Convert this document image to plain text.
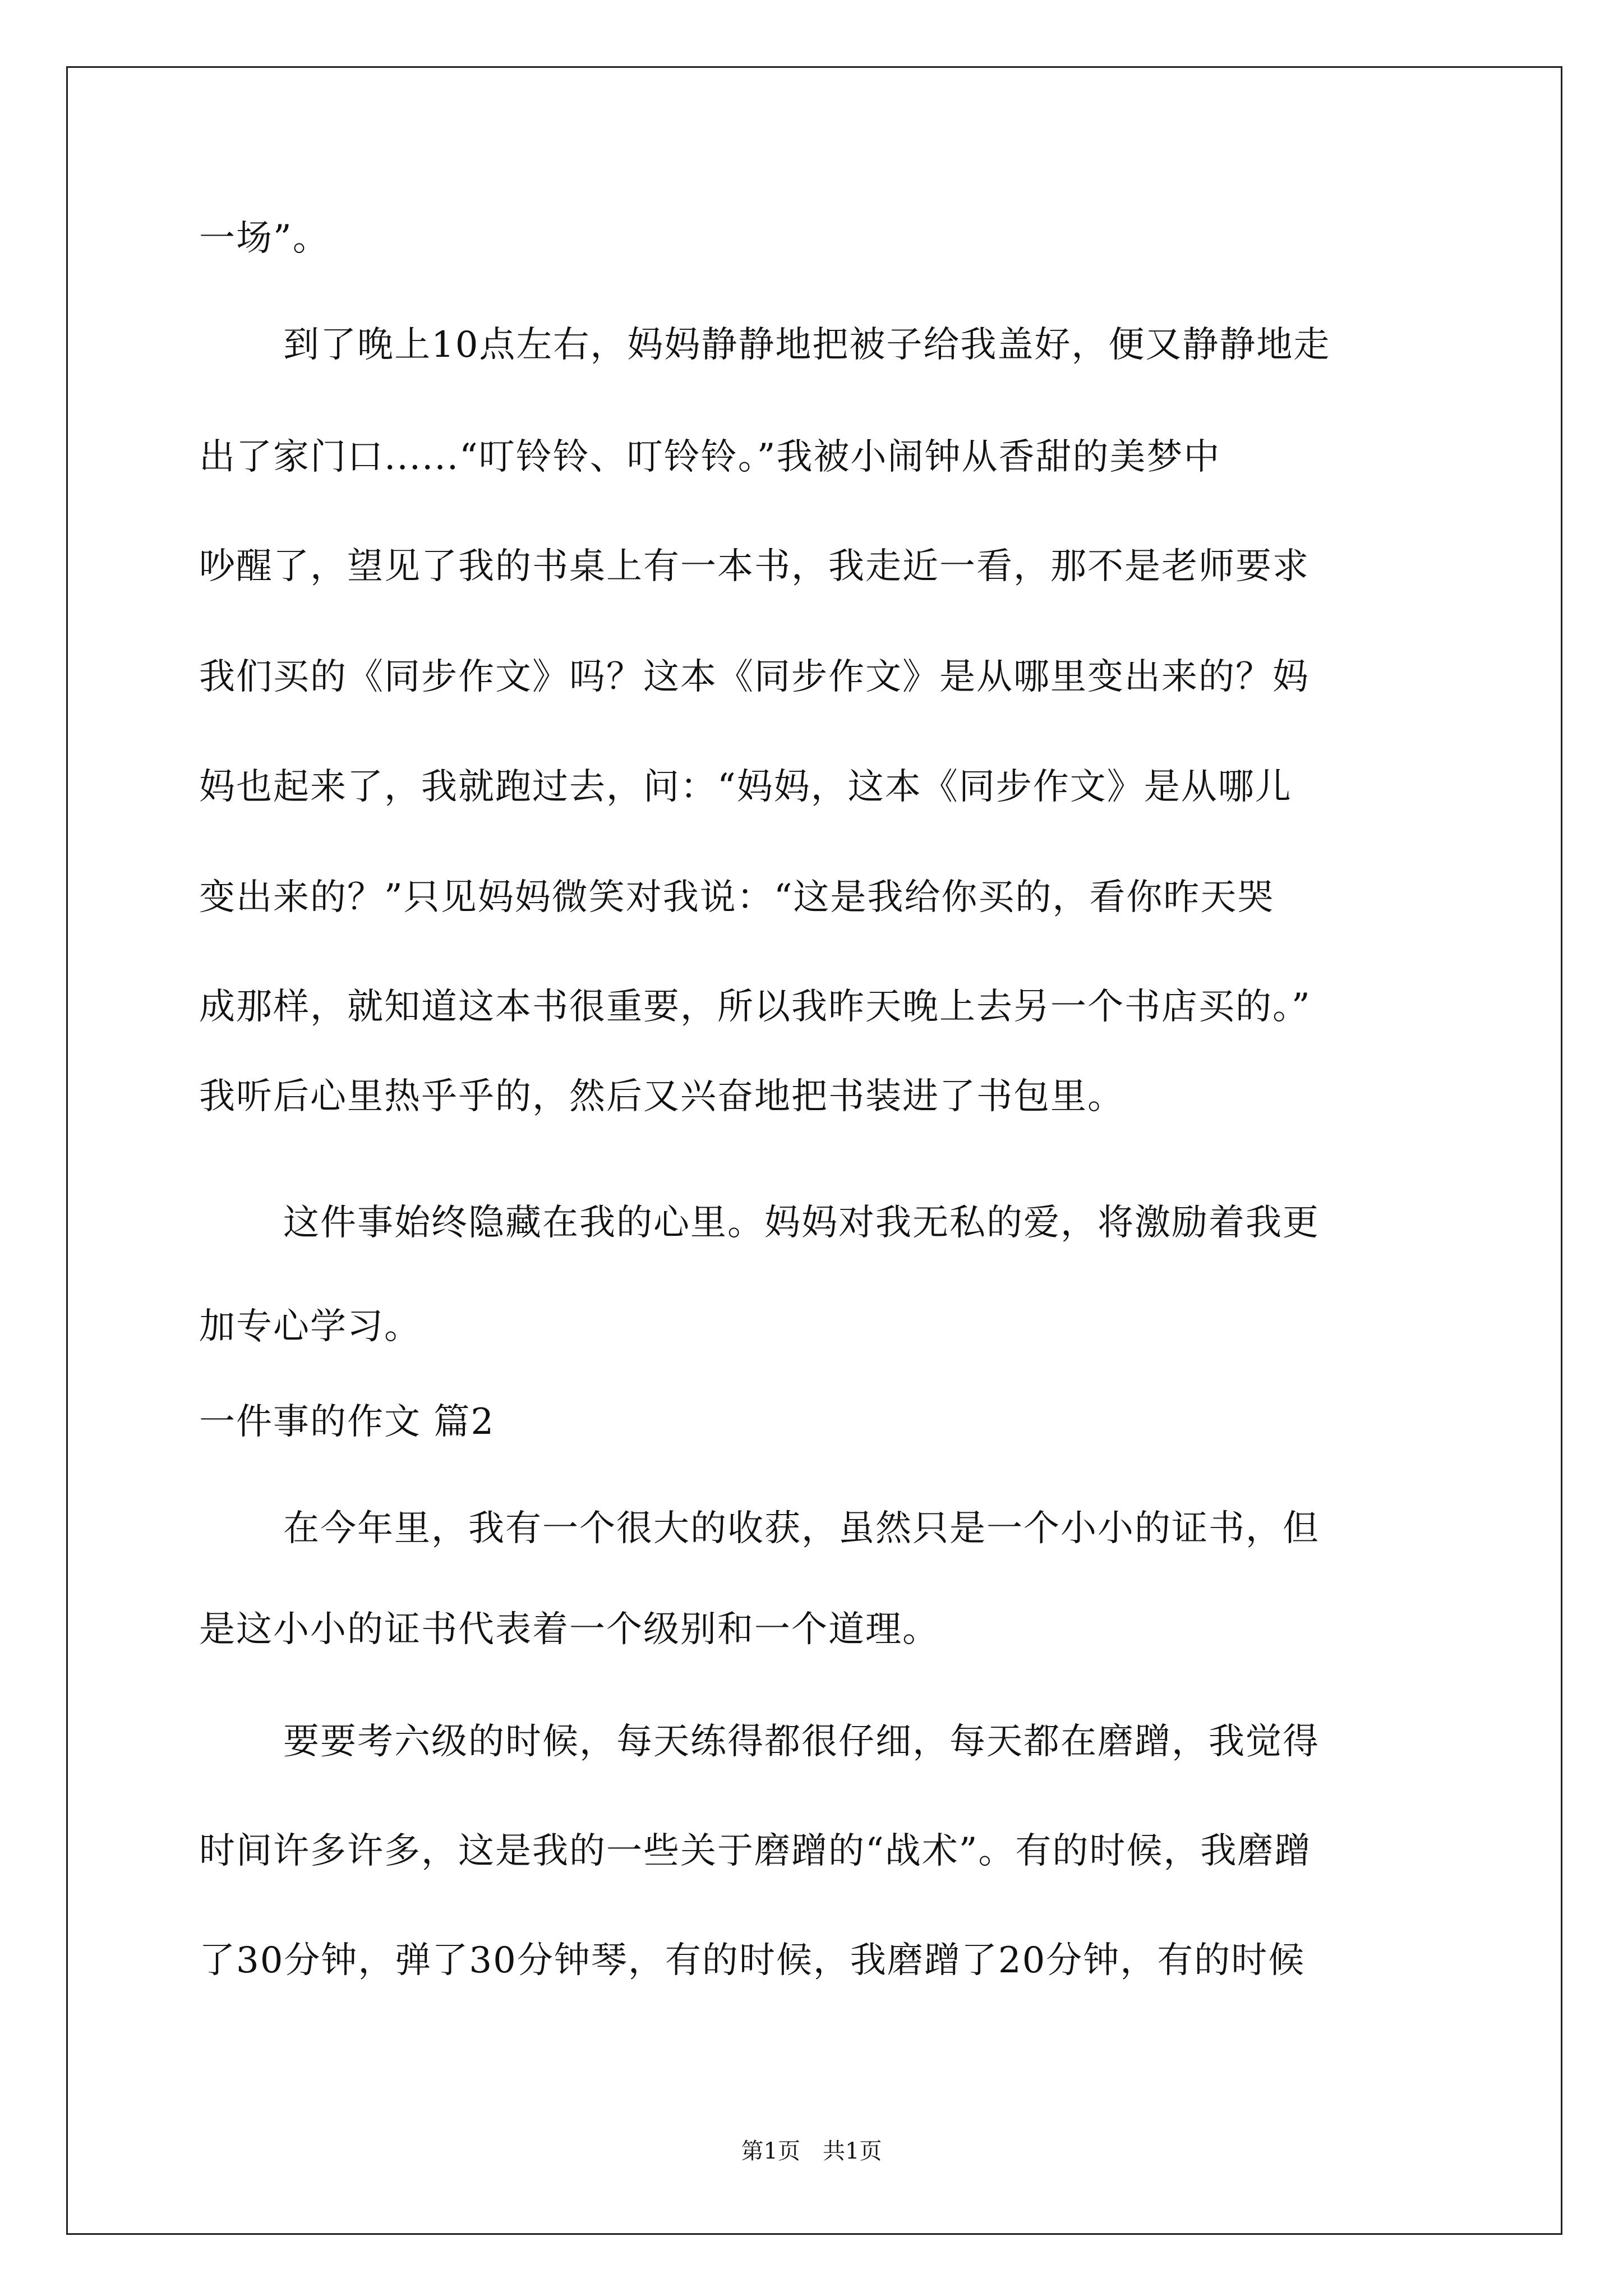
一场”。
到了晚上10点左右，妈妈静静地把被子给我盖好，便又静静地走
出了家门口......“叮铃铃、叮铃铃。”我被小闹钟从香甜的美梦中
吵醒了，望见了我的书桌上有一本书，我走近一看，那不是老师要求
我们买的《同步作文》吗？这本《同步作文》是从哪里变出来的？妈
妈也起来了，我就跑过去，问：“妈妈，这本《同步作文》是从哪儿
变出来的？”只见妈妈微笑对我说：“这是我给你买的，看你昨天哭
成那样，就知道这本书很重要，所以我昨天晚上去另一个书店买的。”
我听后心里热乎乎的，然后又兴奋地把书装进了书包里。
这件事始终隐藏在我的心里。妈妈对我无私的爱，将激励着我更
加专心学习。
一件事的作文 篇2
在今年里，我有一个很大的收获，虽然只是一个小小的证书，但
是这小小的证书代表着一个级别和一个道理。
要要考六级的时候，每天练得都很仔细，每天都在磨蹭，我觉得
时间许多许多，这是我的一些关于磨蹭的“战术”。有的时候，我磨蹭
了30分钟，弹了30分钟琴，有的时候，我磨蹭了20分钟，有的时候
第1页　共1页
